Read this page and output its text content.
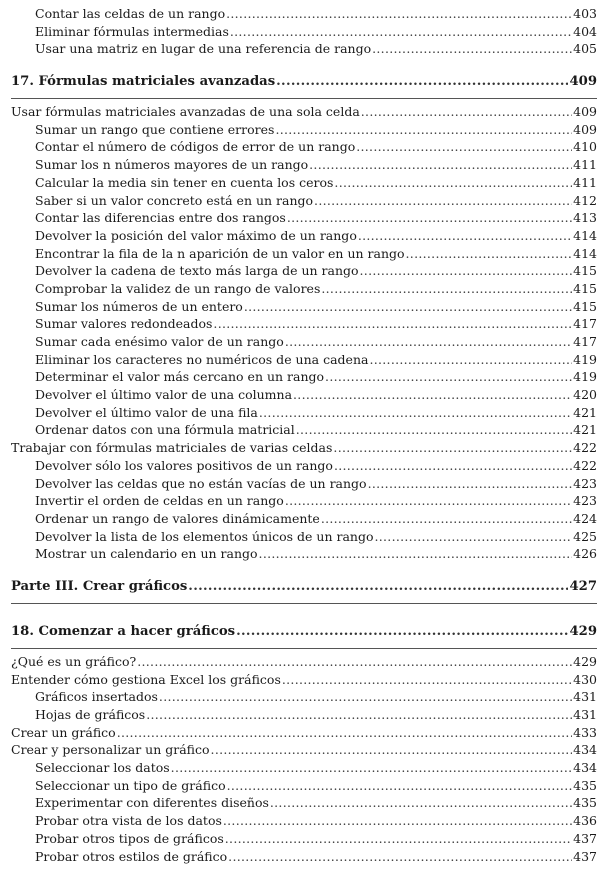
Contar las celdas de un rango .....	403
Eliminar fórmulas intermedias .....	404
Usar una matriz en lugar de una referencia de rango .....	405
17. Fórmulas matriciales avanzadas .....	409
Usar fórmulas matriciales avanzadas de una sola celda .....	409
Sumar un rango que contiene errores .....	409
Contar el número de códigos de error de un rango .....	410
Sumar los n números mayores de un rango .....	411
Calcular la media sin tener en cuenta los ceros .....	411
Saber si un valor concreto está en un rango .....	412
Contar las diferencias entre dos rangos .....	413
Devolver la posición del valor máximo de un rango .....	414
Encontrar la fila de la n aparición de un valor en un rango .....	414
Devolver la cadena de texto más larga de un rango .....	415
Comprobar la validez de un rango de valores .....	415
Sumar los números de un entero .....	415
Sumar valores redondeados .....	417
Sumar cada enésimo valor de un rango .....	417
Eliminar los caracteres no numéricos de una cadena .....	419
Determinar el valor más cercano en un rango .....	419
Devolver el último valor de una columna .....	420
Devolver el último valor de una fila .....	421
Ordenar datos con una fórmula matricial .....	421
Trabajar con fórmulas matriciales de varias celdas .....	422
Devolver sólo los valores positivos de un rango .....	422
Devolver las celdas que no están vacías de un rango .....	423
Invertir el orden de celdas en un rango .....	423
Ordenar un rango de valores dinámicamente .....	424
Devolver la lista de los elementos únicos de un rango .....	425
Mostrar un calendario en un rango .....	426
Parte III. Crear gráficos .....	427
18. Comenzar a hacer gráficos .....	429
¿Qué es un gráfico? .....	429
Entender cómo gestiona Excel los gráficos .....	430
Gráficos insertados .....	431
Hojas de gráficos .....	431
Crear un gráfico .....	433
Crear y personalizar un gráfico .....	434
Seleccionar los datos .....	434
Seleccionar un tipo de gráfico .....	435
Experimentar con diferentes diseños .....	435
Probar otra vista de los datos .....	436
Probar otros tipos de gráficos .....	437
Probar otros estilos de gráfico .....	437
